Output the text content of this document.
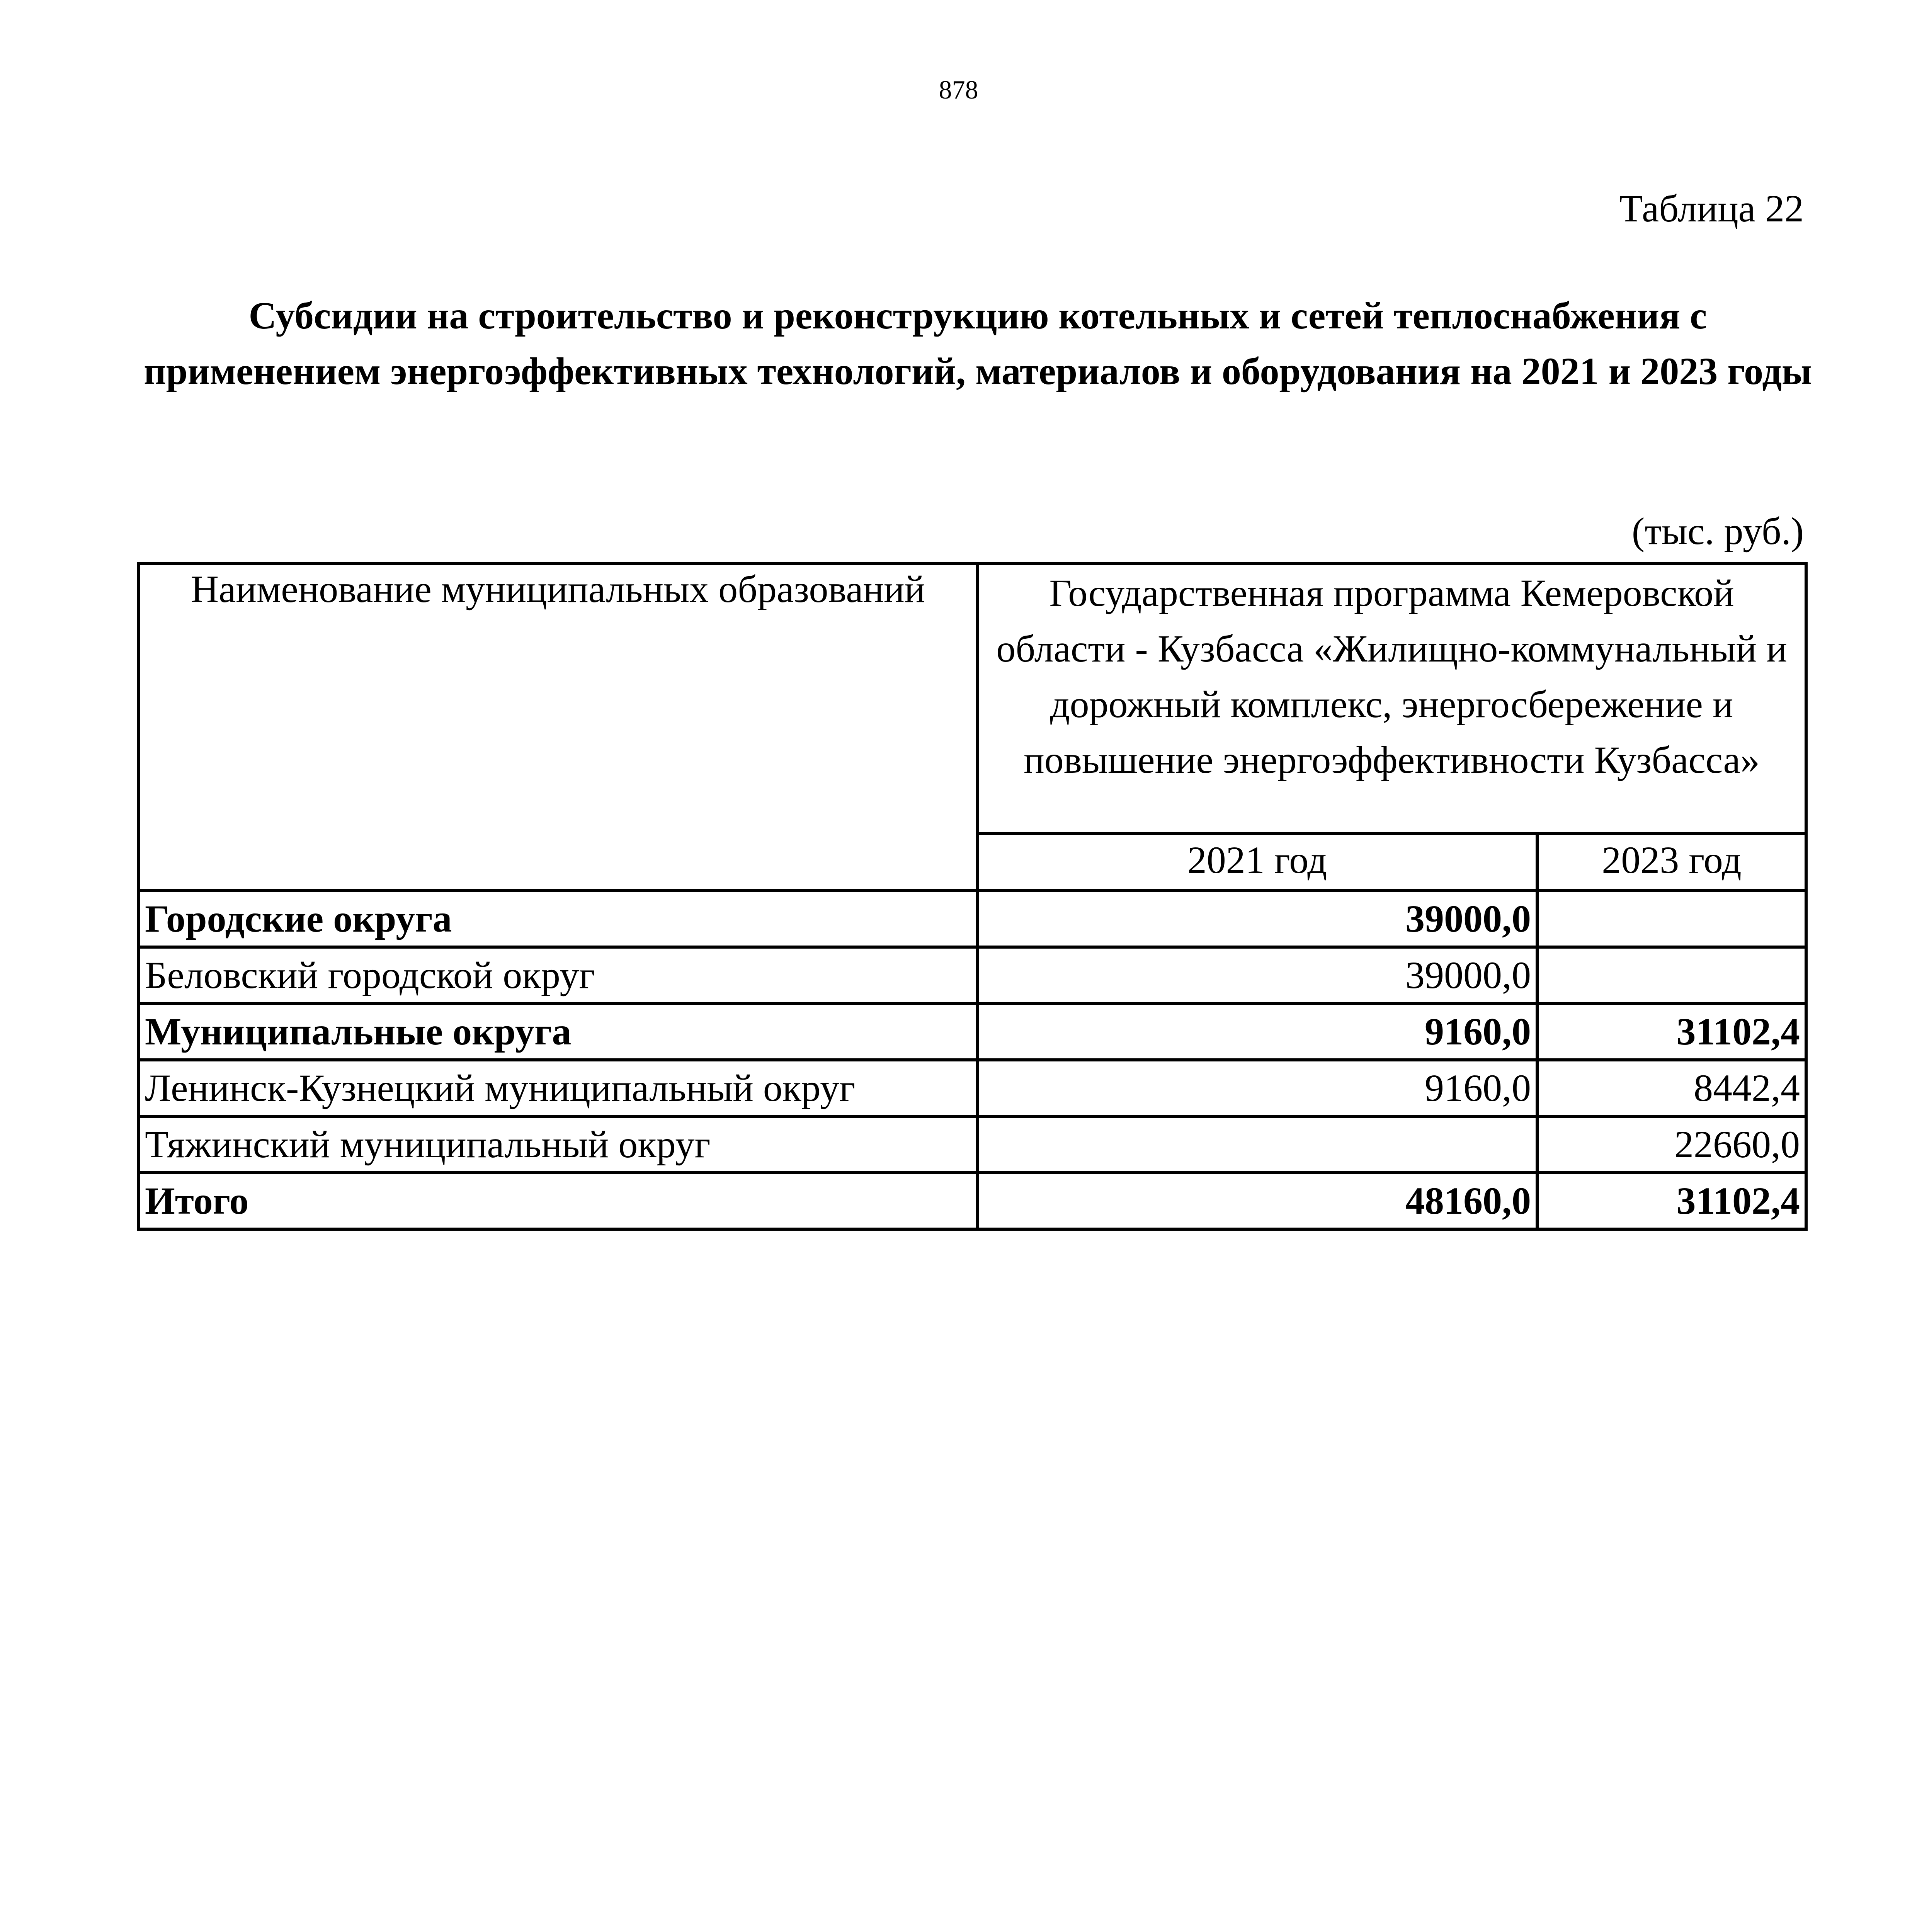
878
Таблица 22
Субсидии на строительство и реконструкцию котельных и сетей теплоснабжения с применением энергоэффективных технологий, материалов и оборудования на 2021 и 2023 годы
(тыс. руб.)
Наименование муниципальных образований	Государственная программа Кемеровской области - Кузбасса «Жилищно-коммунальный и дорожный комплекс, энергосбережение и повышение энергоэффективности Кузбасса»	
	2021 год	2023 год
Городские округа	39000,0	
Беловский городской округ	39000,0	
Муниципальные округа	9160,0	31102,4
Ленинск-Кузнецкий муниципальный округ	9160,0	8442,4
Тяжинский муниципальный округ		22660,0
Итого	48160,0	31102,4
